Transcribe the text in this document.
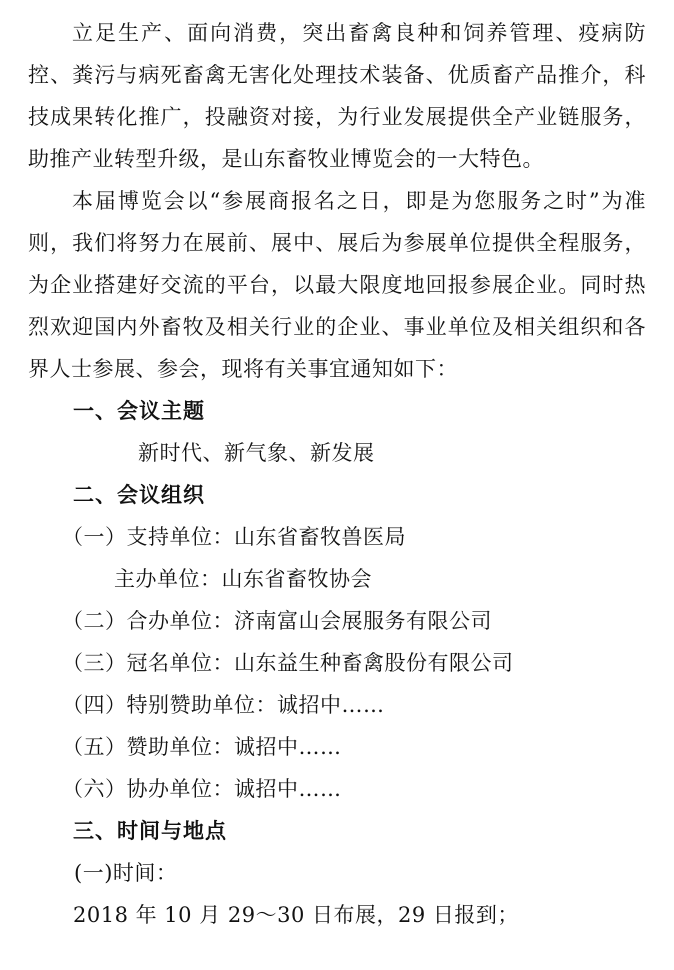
立足生产、面向消费，突出畜禽良种和饲养管理、疫病防控、粪污与病死畜禽无害化处理技术装备、优质畜产品推介，科技成果转化推广，投融资对接，为行业发展提供全产业链服务，助推产业转型升级，是山东畜牧业博览会的一大特色。
本届博览会以“参展商报名之日，即是为您服务之时”为准则，我们将努力在展前、展中、展后为参展单位提供全程服务，为企业搭建好交流的平台，以最大限度地回报参展企业。同时热烈欢迎国内外畜牧及相关行业的企业、事业单位及相关组织和各界人士参展、参会，现将有关事宜通知如下：
一、会议主题
新时代、新气象、新发展
二、会议组织
（一）支持单位：山东省畜牧兽医局
主办单位：山东省畜牧协会
（二）合办单位：济南富山会展服务有限公司
（三）冠名单位：山东益生种畜禽股份有限公司
（四）特别赞助单位：诚招中……
（五）赞助单位：诚招中……
（六）协办单位：诚招中……
三、时间与地点
(一)时间：
2018 年 10 月 29～30 日布展，29 日报到；
